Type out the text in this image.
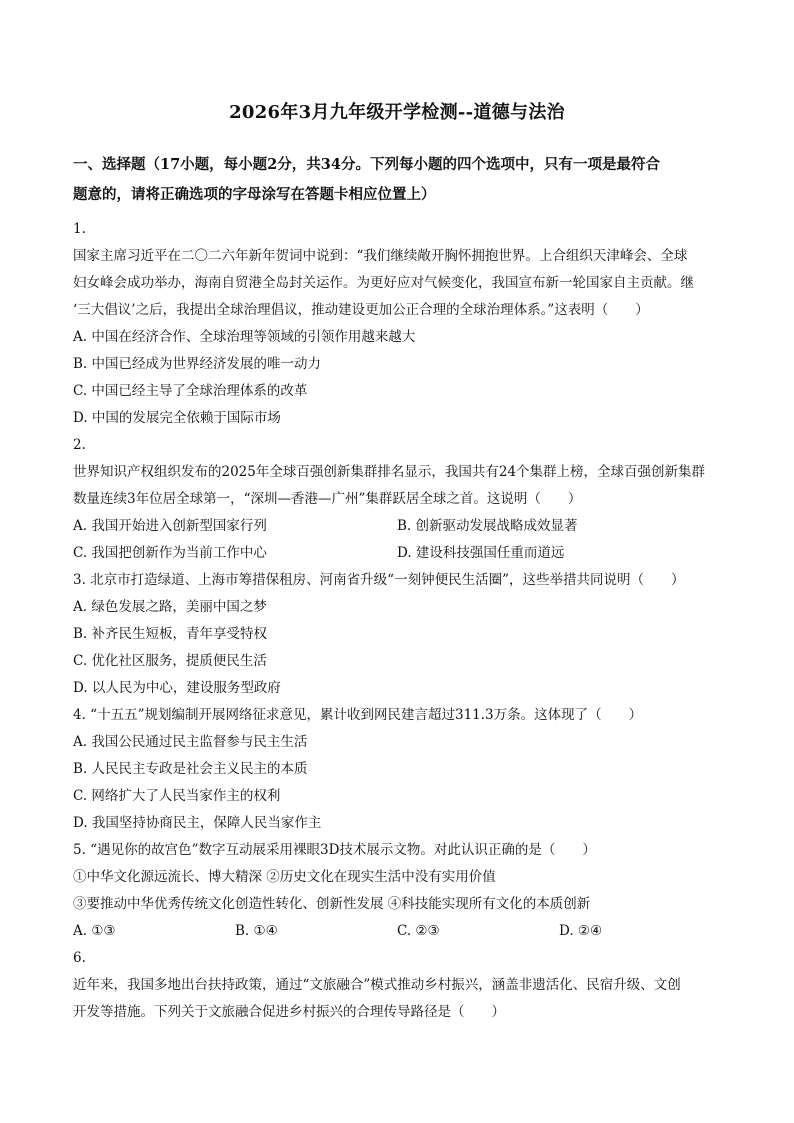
2026年3月九年级开学检测--道德与法治
一、选择题（17小题，每小题2分，共34分。下列每小题的四个选项中，只有一项是最符合
题意的，请将正确选项的字母涂写在答题卡相应位置上）
1.
国家主席习近平在二〇二六年新年贺词中说到：“我们继续敞开胸怀拥抱世界。上合组织天津峰会、全球
妇女峰会成功举办，海南自贸港全岛封关运作。为更好应对气候变化，我国宣布新一轮国家自主贡献。继
‘三大倡议’之后，我提出全球治理倡议，推动建设更加公正合理的全球治理体系。”这表明（　　）
A. 中国在经济合作、全球治理等领域的引领作用越来越大
B. 中国已经成为世界经济发展的唯一动力
C. 中国已经主导了全球治理体系的改革
D. 中国的发展完全依赖于国际市场
2.
世界知识产权组织发布的2025年全球百强创新集群排名显示，我国共有24个集群上榜，全球百强创新集群
数量连续3年位居全球第一，“深圳—香港—广州”集群跃居全球之首。这说明（　　）
A. 我国开始进入创新型国家行列	B. 创新驱动发展战略成效显著
C. 我国把创新作为当前工作中心	D. 建设科技强国任重而道远
3. 北京市打造绿道、上海市筹措保租房、河南省升级“一刻钟便民生活圈”，这些举措共同说明（　　）
A. 绿色发展之路，美丽中国之梦
B. 补齐民生短板，青年享受特权
C. 优化社区服务，提质便民生活
D. 以人民为中心，建设服务型政府
4. “十五五”规划编制开展网络征求意见，累计收到网民建言超过311.3万条。这体现了（　　）
A. 我国公民通过民主监督参与民主生活
B. 人民民主专政是社会主义民主的本质
C. 网络扩大了人民当家作主的权利
D. 我国坚持协商民主，保障人民当家作主
5. “遇见你的故宫色”数字互动展采用裸眼3D技术展示文物。对此认识正确的是（　　）
①中华文化源远流长、博大精深 ②历史文化在现实生活中没有实用价值
③要推动中华优秀传统文化创造性转化、创新性发展 ④科技能实现所有文化的本质创新
A. ①③	B. ①④	C. ②③	D. ②④
6.
近年来，我国多地出台扶持政策，通过“文旅融合”模式推动乡村振兴，涵盖非遗活化、民宿升级、文创
开发等措施。下列关于文旅融合促进乡村振兴的合理传导路径是（　　）
